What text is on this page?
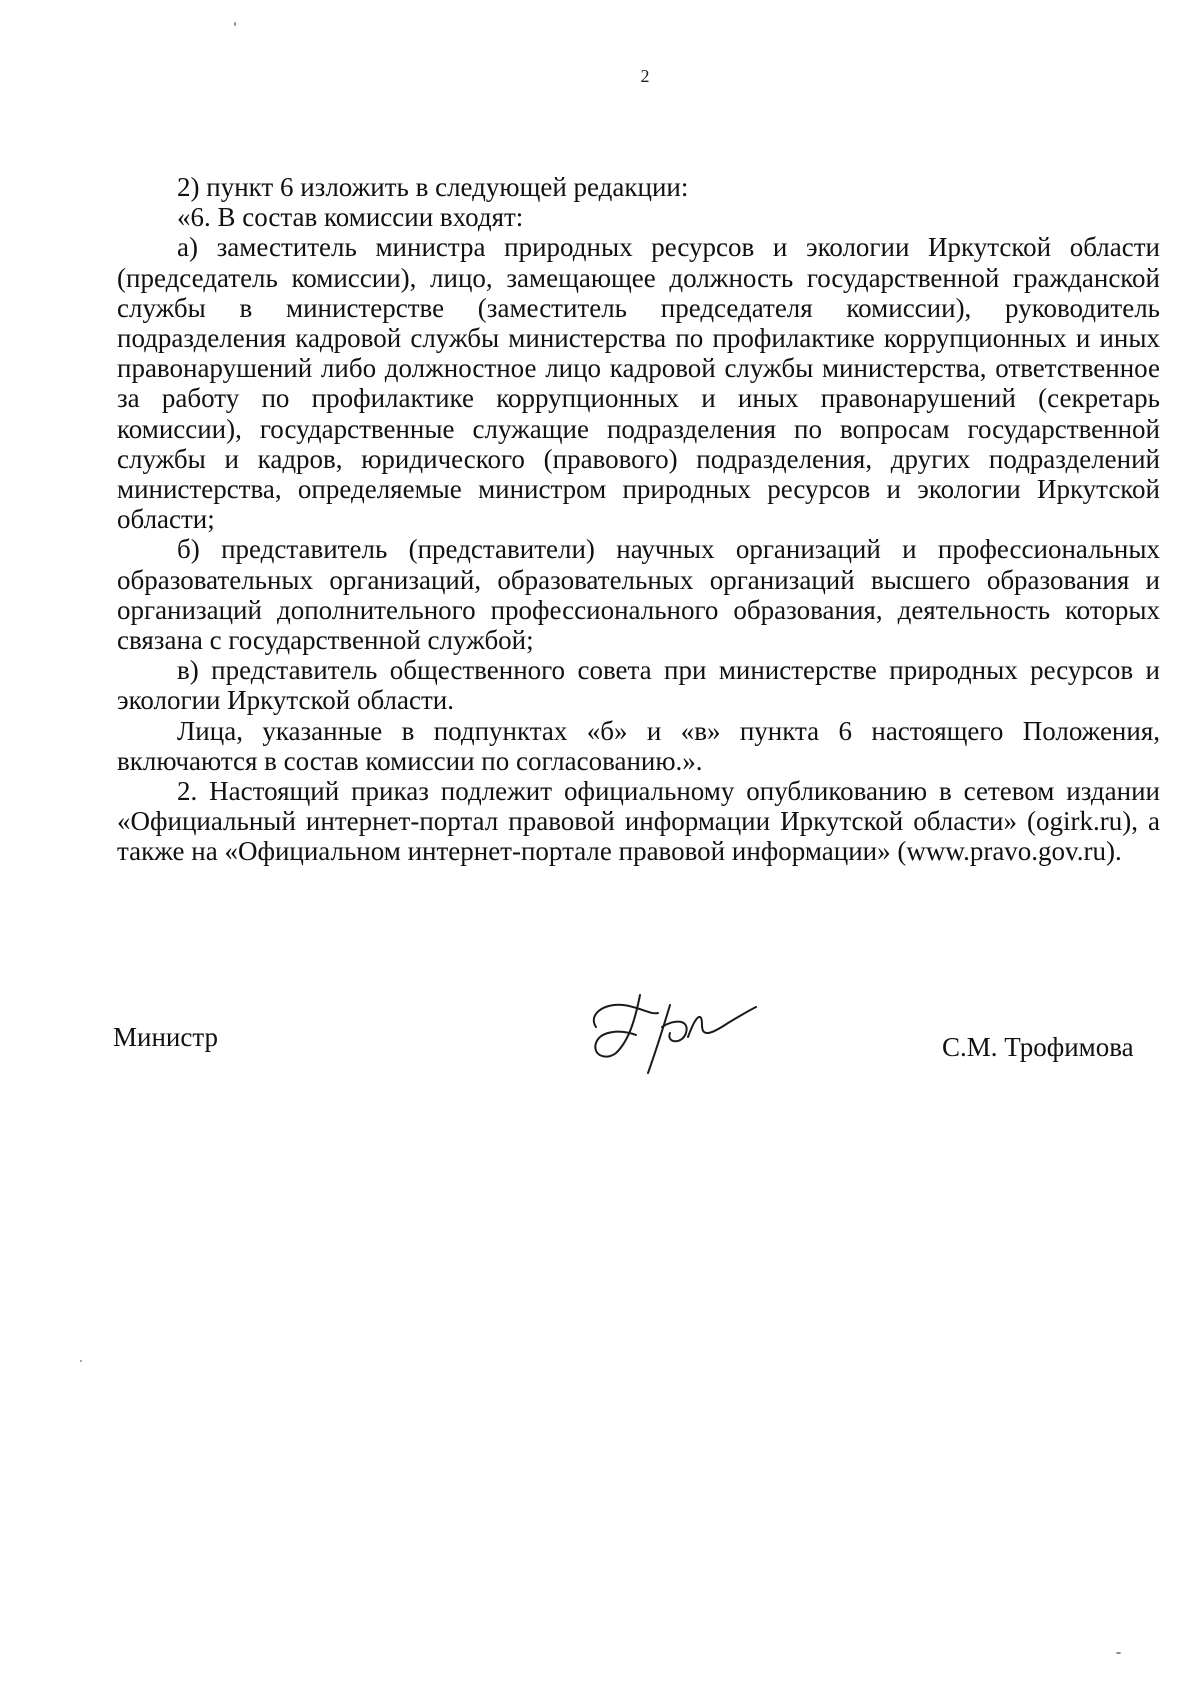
2

2) пункт 6 изложить в следующей редакции:

«6. В состав комиссии входят:

а) заместитель министра природных ресурсов и экологии Иркутской области (председатель комиссии), лицо, замещающее должность государственной гражданской службы в министерстве (заместитель председателя комиссии), руководитель подразделения кадровой службы министерства по профилактике коррупционных и иных правонарушений либо должностное лицо кадровой службы министерства, ответственное за работу по профилактике коррупционных и иных правонарушений (секретарь комиссии), государственные служащие подразделения по вопросам государственной службы и кадров, юридического (правового) подразделения, других подразделений министерства, определяемые министром природных ресурсов и экологии Иркутской области;

б) представитель (представители) научных организаций и профессиональных образовательных организаций, образовательных организаций высшего образования и организаций дополнительного профессионального образования, деятельность которых связана с государственной службой;

в) представитель общественного совета при министерстве природных ресурсов и экологии Иркутской области.

Лица, указанные в подпунктах «б» и «в» пункта 6 настоящего Положения, включаются в состав комиссии по согласованию.».

2. Настоящий приказ подлежит официальному опубликованию в сетевом издании «Официальный интернет-портал правовой информации Иркутской области» (ogirk.ru), а также на «Официальном интернет-портале правовой информации» (www.pravo.gov.ru).

Министр	С.М. Трофимова
